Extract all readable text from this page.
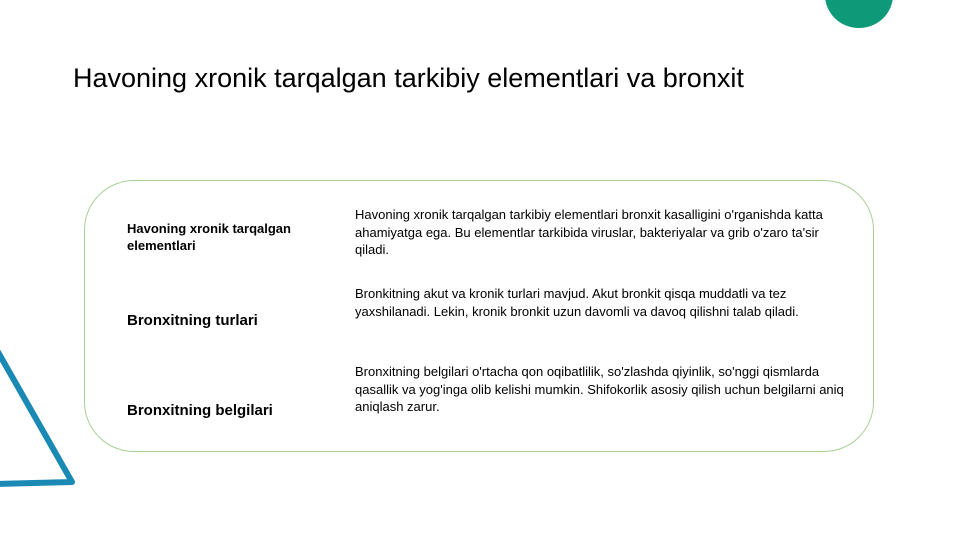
Havoning xronik tarqalgan tarkibiy elementlari va bronxit

Havoning xronik tarqalgan elementlari

Havoning xronik tarqalgan tarkibiy elementlari bronxit kasalligini o'rganishda katta ahamiyatga ega. Bu elementlar tarkibida viruslar, bakteriyalar va grib o'zaro ta'sir qiladi.

Bronxitning turlari

Bronkitning akut va kronik turlari mavjud. Akut bronkit qisqa muddatli va tez yaxshilanadi. Lekin, kronik bronkit uzun davomli va davoq qilishni talab qiladi.

Bronxitning belgilari

Bronxitning belgilari o'rtacha qon oqibatlilik, so'zlashda qiyinlik, so'nggi qismlarda qasallik va yog'inga olib kelishi mumkin. Shifokorlik asosiy qilish uchun belgilarni aniq aniqlash zarur.
